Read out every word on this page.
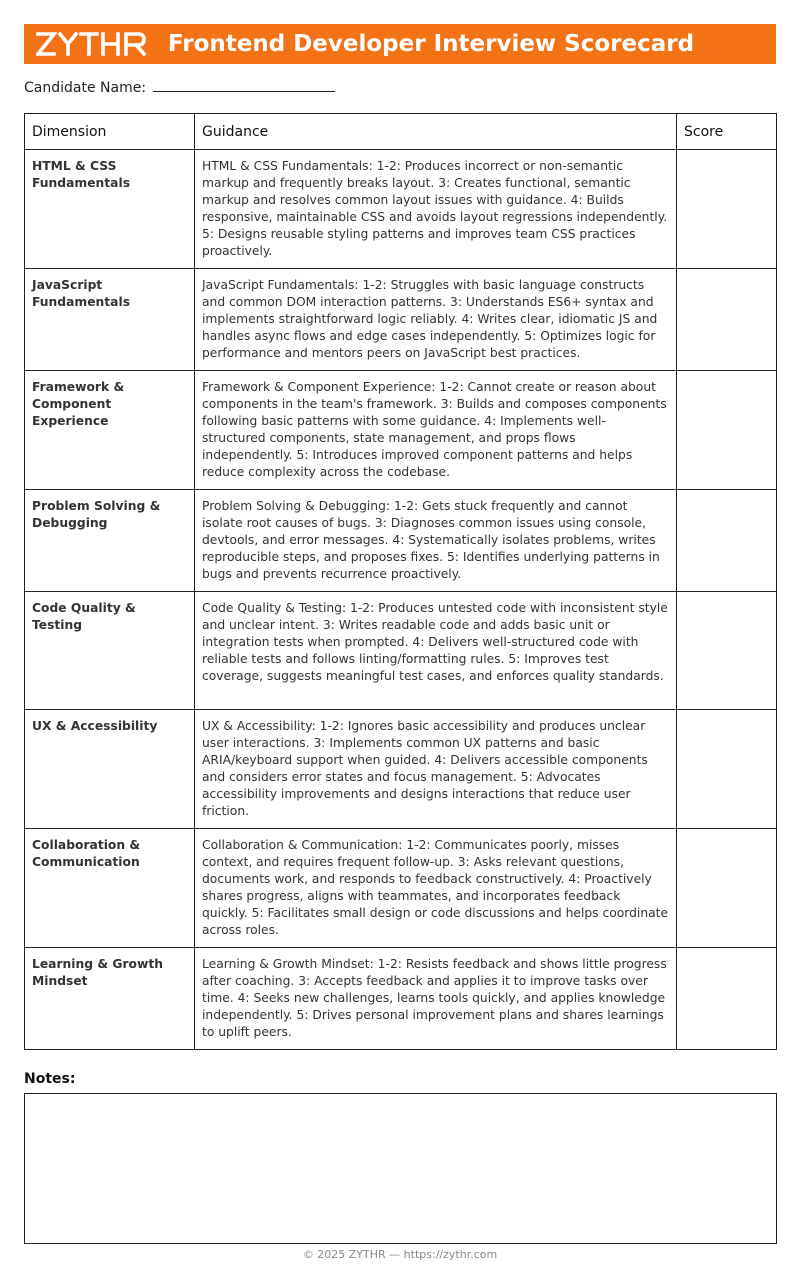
Frontend Developer Interview Scorecard
Candidate Name:
Dimension	Guidance	Score
HTML & CSS Fundamentals	HTML & CSS Fundamentals: 1-2: Produces incorrect or non-semantic markup and frequently breaks layout. 3: Creates functional, semantic markup and resolves common layout issues with guidance. 4: Builds responsive, maintainable CSS and avoids layout regressions independently. 5: Designs reusable styling patterns and improves team CSS practices proactively.	
JavaScript Fundamentals	JavaScript Fundamentals: 1-2: Struggles with basic language constructs and common DOM interaction patterns. 3: Understands ES6+ syntax and implements straightforward logic reliably. 4: Writes clear, idiomatic JS and handles async flows and edge cases independently. 5: Optimizes logic for performance and mentors peers on JavaScript best practices.	
Framework & Component Experience	Framework & Component Experience: 1-2: Cannot create or reason about components in the team's framework. 3: Builds and composes components following basic patterns with some guidance. 4: Implements well-structured components, state management, and props flows independently. 5: Introduces improved component patterns and helps reduce complexity across the codebase.	
Problem Solving & Debugging	Problem Solving & Debugging: 1-2: Gets stuck frequently and cannot isolate root causes of bugs. 3: Diagnoses common issues using console, devtools, and error messages. 4: Systematically isolates problems, writes reproducible steps, and proposes fixes. 5: Identifies underlying patterns in bugs and prevents recurrence proactively.	
Code Quality & Testing	Code Quality & Testing: 1-2: Produces untested code with inconsistent style and unclear intent. 3: Writes readable code and adds basic unit or integration tests when prompted. 4: Delivers well-structured code with reliable tests and follows linting/formatting rules. 5: Improves test coverage, suggests meaningful test cases, and enforces quality standards.	
UX & Accessibility	UX & Accessibility: 1-2: Ignores basic accessibility and produces unclear user interactions. 3: Implements common UX patterns and basic ARIA/keyboard support when guided. 4: Delivers accessible components and considers error states and focus management. 5: Advocates accessibility improvements and designs interactions that reduce user friction.	
Collaboration & Communication	Collaboration & Communication: 1-2: Communicates poorly, misses context, and requires frequent follow-up. 3: Asks relevant questions, documents work, and responds to feedback constructively. 4: Proactively shares progress, aligns with teammates, and incorporates feedback quickly. 5: Facilitates small design or code discussions and helps coordinate across roles.	
Learning & Growth Mindset	Learning & Growth Mindset: 1-2: Resists feedback and shows little progress after coaching. 3: Accepts feedback and applies it to improve tasks over time. 4: Seeks new challenges, learns tools quickly, and applies knowledge independently. 5: Drives personal improvement plans and shares learnings to uplift peers.	
Notes:
© 2025 ZYTHR — https://zythr.com
